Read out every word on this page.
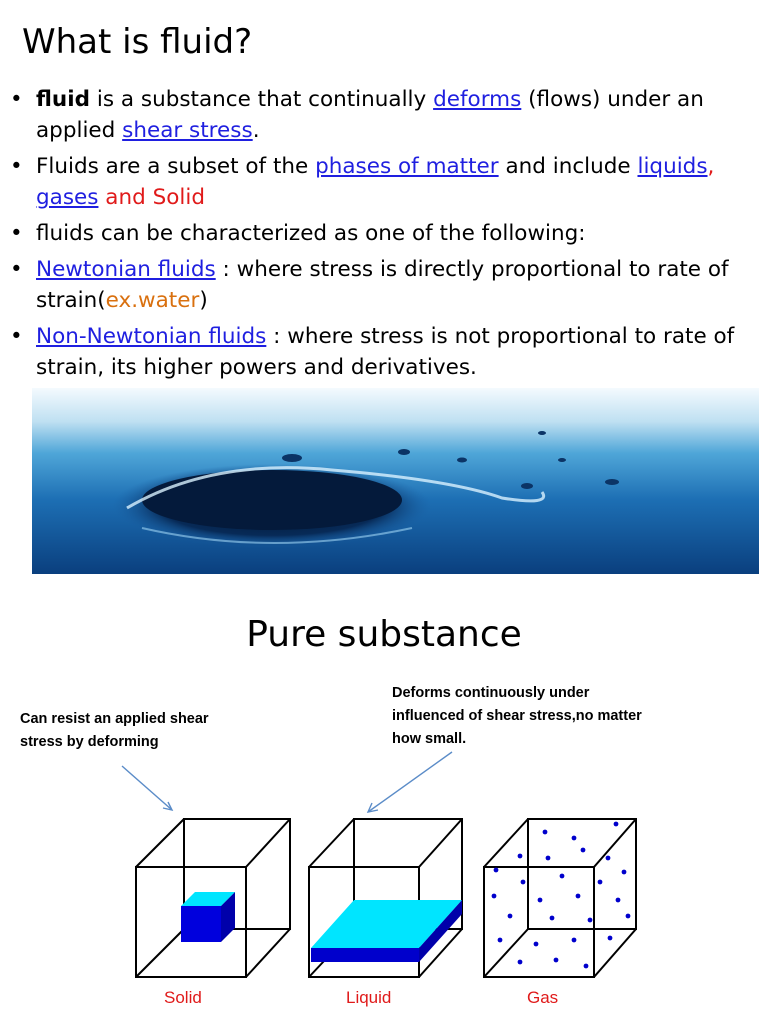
What is fluid?
• fluid is a substance that continually deforms (flows) under an applied shear stress.
• Fluids are a subset of the phases of matter and include liquids, gases and Solid
• fluids can be characterized as one of the following:
• Newtonian fluids : where stress is directly proportional to rate of strain(ex.water)
• Non-Newtonian fluids : where stress is not proportional to rate of strain, its higher powers and derivatives.
Pure substance
Can resist an applied shear stress by deforming
Deforms continuously under influenced of shear stress,no matter how small.
Solid	Liquid	Gas
